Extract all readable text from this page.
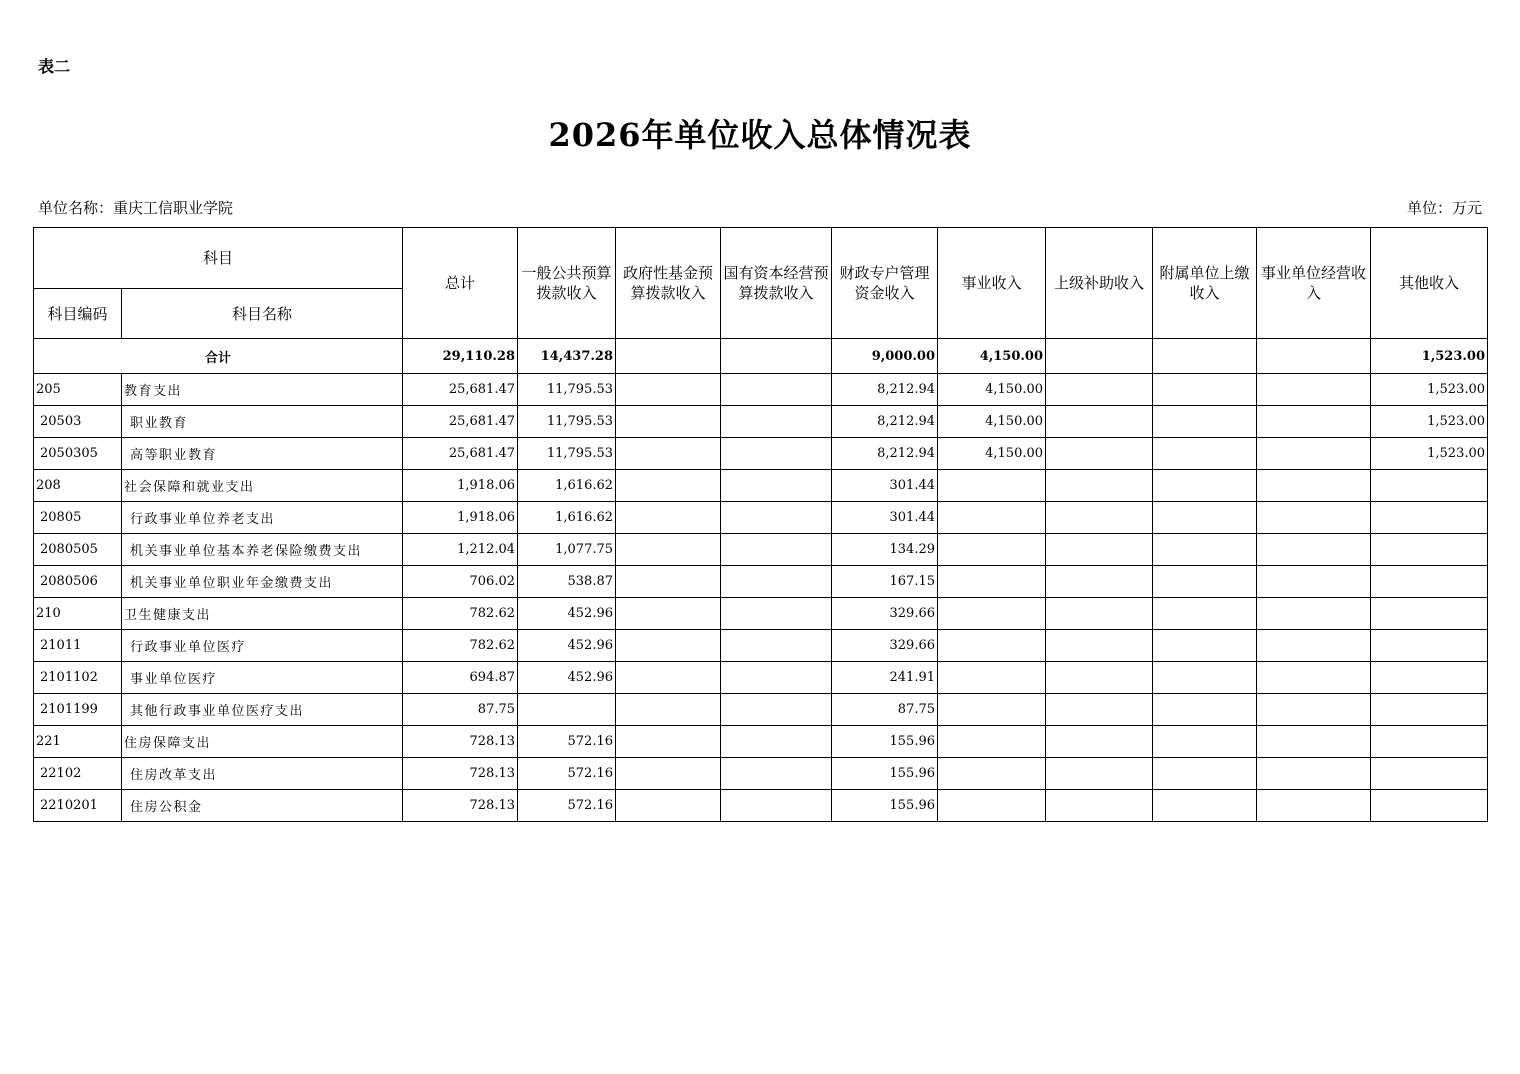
表二
2026年单位收入总体情况表
单位名称：重庆工信职业学院	单位：万元
科目		总计	一般公共预算拨款收入	政府性基金预算拨款收入	国有资本经营预算拨款收入	财政专户管理资金收入	事业收入	上级补助收入	附属单位上缴收入	事业单位经营收入	其他收入
科目编码	科目名称										
合计		29,110.28	14,437.28			9,000.00	4,150.00				1,523.00
205	教育支出	25,681.47	11,795.53			8,212.94	4,150.00				1,523.00
20503	职业教育	25,681.47	11,795.53			8,212.94	4,150.00				1,523.00
2050305	高等职业教育	25,681.47	11,795.53			8,212.94	4,150.00				1,523.00
208	社会保障和就业支出	1,918.06	1,616.62			301.44					
20805	行政事业单位养老支出	1,918.06	1,616.62			301.44					
2080505	机关事业单位基本养老保险缴费支出	1,212.04	1,077.75			134.29					
2080506	机关事业单位职业年金缴费支出	706.02	538.87			167.15					
210	卫生健康支出	782.62	452.96			329.66					
21011	行政事业单位医疗	782.62	452.96			329.66					
2101102	事业单位医疗	694.87	452.96			241.91					
2101199	其他行政事业单位医疗支出	87.75				87.75					
221	住房保障支出	728.13	572.16			155.96					
22102	住房改革支出	728.13	572.16			155.96					
2210201	住房公积金	728.13	572.16			155.96					
